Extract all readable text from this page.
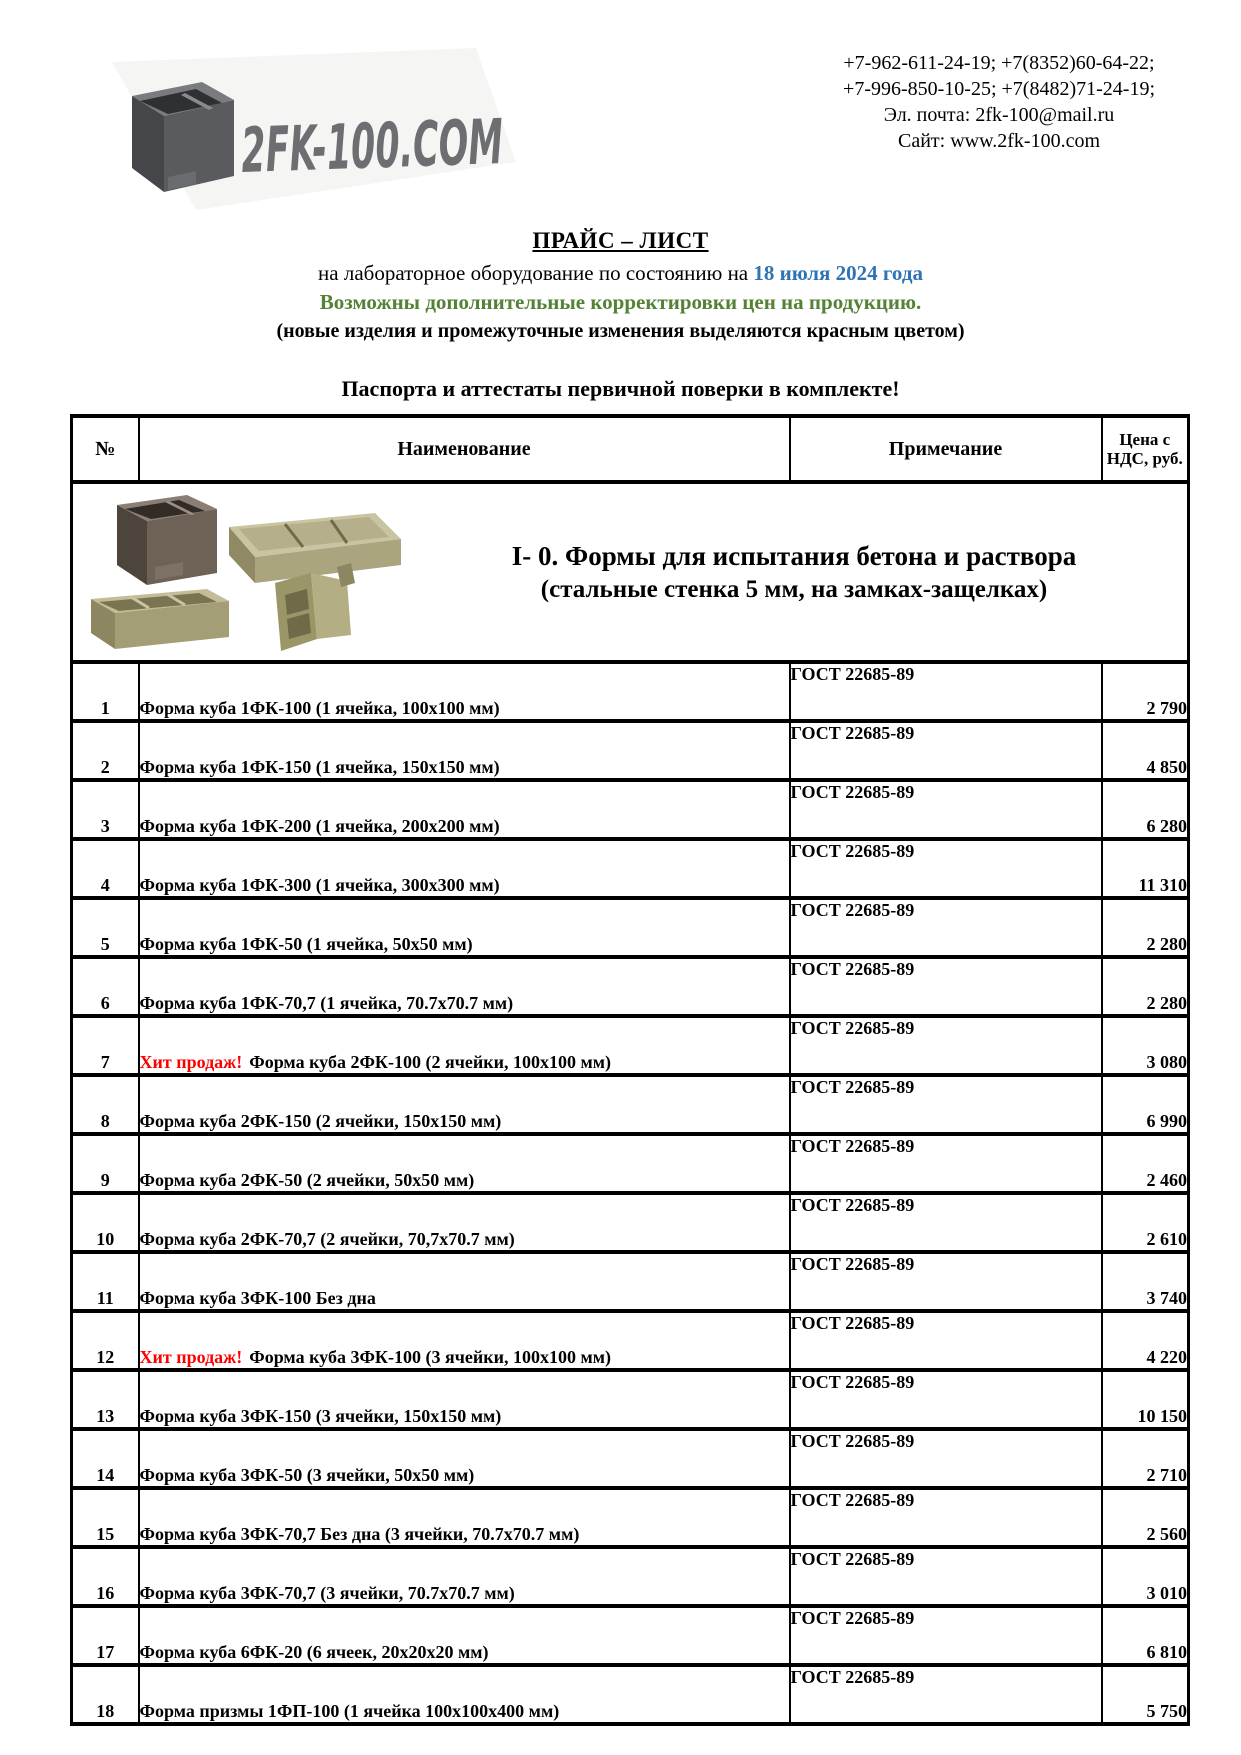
2FK-100.COM
+7-962-611-24-19; +7(8352)60-64-22;
+7-996-850-10-25; +7(8482)71-24-19;
Эл. почта: 2fk-100@mail.ru
Сайт: www.2fk-100.com
ПРАЙС – ЛИСТ
на лабораторное оборудование по состоянию на 18 июля 2024 года
Возможны дополнительные корректировки цен на продукцию.
(новые изделия и промежуточные изменения выделяются красным цветом)
Паспорта и аттестаты первичной поверки в комплекте!
№	Наименование	Примечание	Цена с НДС, руб.

I- 0. Формы для испытания бетона и раствора
(стальные стенка 5 мм, на замках-защелках)			

1	Форма куба 1ФК-100 (1 ячейка, 100x100 мм)	ГОСТ 22685-89	2 790
2	Форма куба 1ФК-150 (1 ячейка, 150x150 мм)	ГОСТ 22685-89	4 850
3	Форма куба 1ФК-200 (1 ячейка, 200x200 мм)	ГОСТ 22685-89	6 280
4	Форма куба 1ФК-300 (1 ячейка, 300x300 мм)	ГОСТ 22685-89	11 310
5	Форма куба 1ФК-50 (1 ячейка, 50x50 мм)	ГОСТ 22685-89	2 280
6	Форма куба 1ФК-70,7 (1 ячейка, 70.7x70.7 мм)	ГОСТ 22685-89	2 280
7	Хит продаж! Форма куба 2ФК-100 (2 ячейки, 100x100 мм)	ГОСТ 22685-89	3 080
8	Форма куба 2ФК-150 (2 ячейки, 150x150 мм)	ГОСТ 22685-89	6 990
9	Форма куба 2ФК-50 (2 ячейки, 50x50 мм)	ГОСТ 22685-89	2 460
10	Форма куба 2ФК-70,7 (2 ячейки, 70,7x70.7 мм)	ГОСТ 22685-89	2 610
11	Форма куба 3ФК-100 Без дна	ГОСТ 22685-89	3 740
12	Хит продаж! Форма куба 3ФК-100 (3 ячейки, 100x100 мм)	ГОСТ 22685-89	4 220
13	Форма куба 3ФК-150 (3 ячейки, 150x150 мм)	ГОСТ 22685-89	10 150
14	Форма куба 3ФК-50 (3 ячейки, 50x50 мм)	ГОСТ 22685-89	2 710
15	Форма куба 3ФК-70,7 Без дна (3 ячейки, 70.7x70.7 мм)	ГОСТ 22685-89	2 560
16	Форма куба 3ФК-70,7 (3 ячейки, 70.7x70.7 мм)	ГОСТ 22685-89	3 010
17	Форма куба 6ФК-20 (6 ячеек, 20x20x20 мм)	ГОСТ 22685-89	6 810
18	Форма призмы 1ФП-100 (1 ячейка 100x100x400 мм)	ГОСТ 22685-89	5 750
